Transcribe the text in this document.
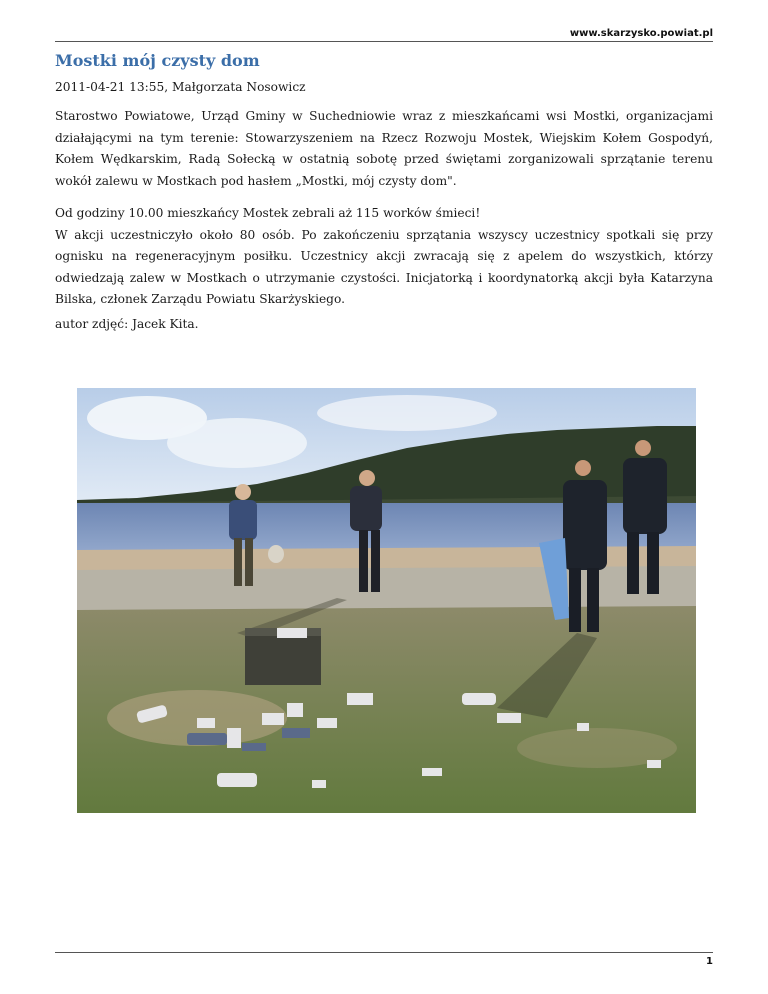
www.skarzysko.powiat.pl
Mostki mój czysty dom
2011-04-21 13:55, Małgorzata Nosowicz

Starostwo Powiatowe, Urząd Gminy w Suchedniowie wraz z mieszkańcami wsi Mostki, organizacjami działającymi na tym terenie: Stowarzyszeniem na Rzecz Rozwoju Mostek, Wiejskim Kołem Gospodyń, Kołem Wędkarskim, Radą Sołecką w ostatnią sobotę przed świętami zorganizowali sprzątanie terenu wokół zalewu w Mostkach pod hasłem „Mostki, mój czysty dom".

Od godziny 10.00 mieszkańcy Mostek zebrali aż 115 worków śmieci!
W akcji uczestniczyło około 80 osób. Po zakończeniu sprzątania wszyscy uczestnicy spotkali się przy ognisku na regeneracyjnym posiłku. Uczestnicy akcji zwracają się z apelem do wszystkich, którzy odwiedzają zalew w Mostkach o utrzymanie czystości. Inicjatorką i koordynatorką akcji była Katarzyna Bilska, członek Zarządu Powiatu Skarżyskiego.

autor zdjęć: Jacek Kita.

1
